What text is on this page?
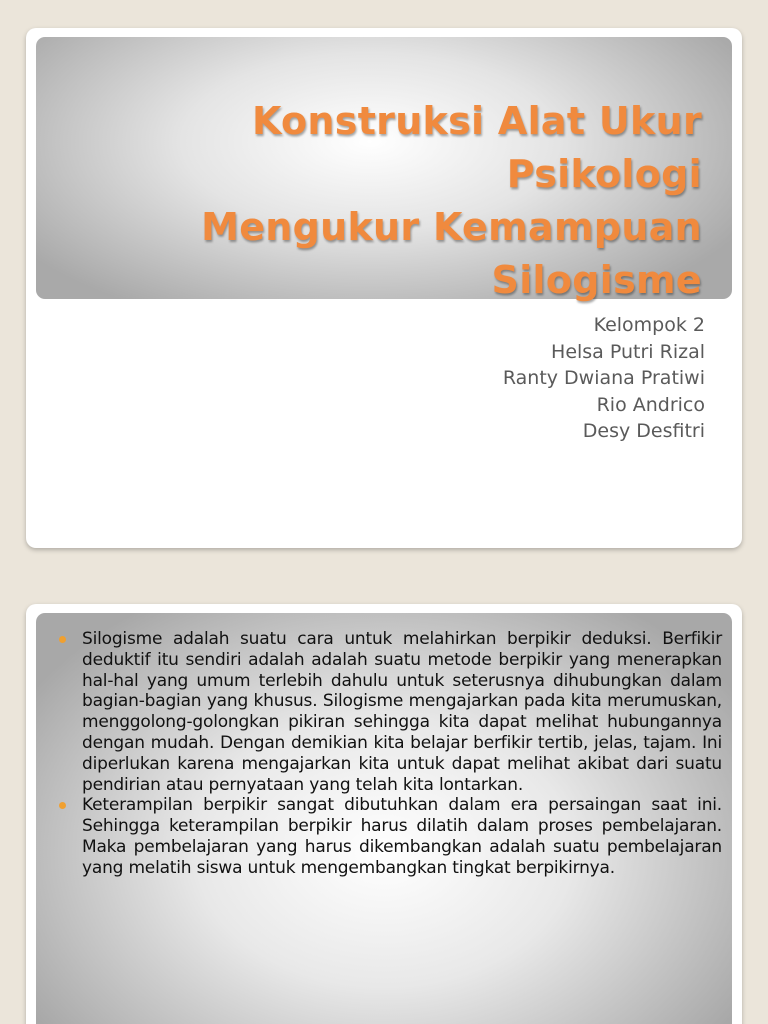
Konstruksi Alat Ukur
Psikologi
Mengukur Kemampuan
Silogisme
Kelompok 2
Helsa Putri Rizal
Ranty Dwiana Pratiwi
Rio Andrico
Desy Desfitri
Silogisme adalah suatu cara untuk melahirkan berpikir deduksi. Berfikir deduktif itu sendiri adalah adalah suatu metode berpikir yang menerapkan hal-hal yang umum terlebih dahulu untuk seterusnya dihubungkan dalam bagian-bagian yang khusus. Silogisme mengajarkan pada kita merumuskan, menggolong-golongkan pikiran sehingga kita dapat melihat hubungannya dengan mudah. Dengan demikian kita belajar berfikir tertib, jelas, tajam. Ini diperlukan karena mengajarkan kita untuk dapat melihat akibat dari suatu pendirian atau pernyataan yang telah kita lontarkan.
Keterampilan berpikir sangat dibutuhkan dalam era persaingan saat ini. Sehingga keterampilan berpikir harus dilatih dalam proses pembelajaran. Maka pembelajaran yang harus dikembangkan adalah suatu pembelajaran yang melatih siswa untuk mengembangkan tingkat berpikirnya.
